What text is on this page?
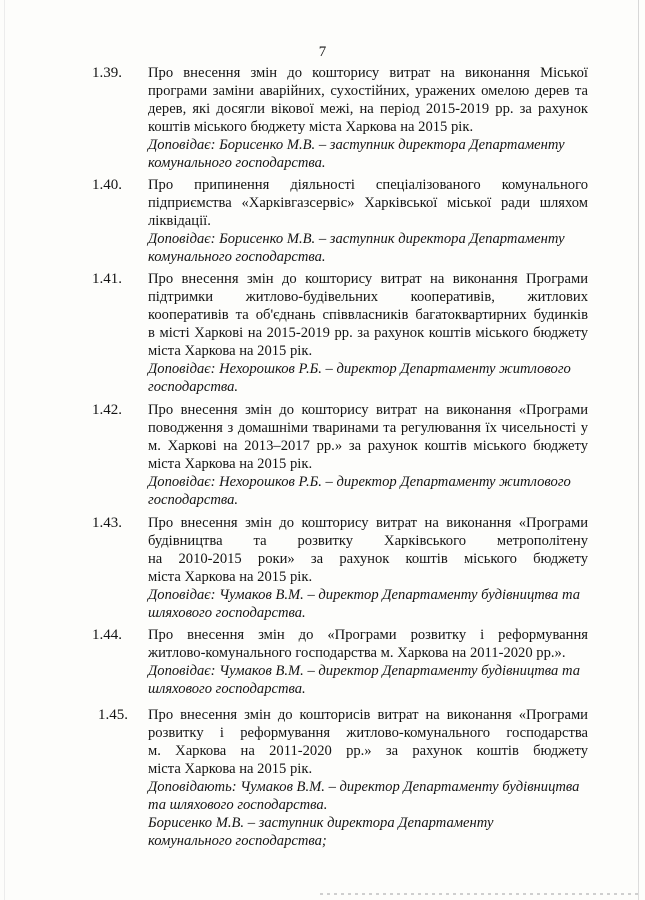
7
1.39. Про внесення змін до кошторису витрат на виконання Міської

програми заміни аварійних, сухостійних, уражених омелою дерев та

дерев, які досягли вікової межі, на період 2015-2019 рр. за рахунок

коштів міського бюджету міста Харкова на 2015 рік.

Доповідає: Борисенко М.В. – заступник директора Департаменту

комунального господарства.

1.40. Про припинення діяльності спеціалізованого комунального

підприємства «Харківгазсервіс» Харківської міської ради шляхом

ліквідації.

Доповідає: Борисенко М.В. – заступник директора Департаменту

комунального господарства.

1.41. Про внесення змін до кошторису витрат на виконання Програми

підтримки житлово-будівельних кооперативів, житлових

кооперативів та об'єднань співвласників багатоквартирних будинків

в місті Харкові на 2015-2019 рр. за рахунок коштів міського бюджету

міста Харкова на 2015 рік.

Доповідає: Нехорошков Р.Б. – директор Департаменту житлового

господарства.

1.42. Про внесення змін до кошторису витрат на виконання «Програми

поводження з домашніми тваринами та регулювання їх чисельності у

м. Харкові на 2013–2017 рр.» за рахунок коштів міського бюджету

міста Харкова на 2015 рік.

Доповідає: Нехорошков Р.Б. – директор Департаменту житлового

господарства.

1.43. Про внесення змін до кошторису витрат на виконання «Програми

будівництва та розвитку Харківського метрополітену

на 2010-2015 роки» за рахунок коштів міського бюджету

міста Харкова на 2015 рік.

Доповідає: Чумаков В.М. – директор Департаменту будівництва та

шляхового господарства.

1.44. Про внесення змін до «Програми розвитку і реформування

житлово-комунального господарства м. Харкова на 2011-2020 рр.».

Доповідає: Чумаков В.М. – директор Департаменту будівництва та

шляхового господарства.

1.45. Про внесення змін до кошторисів витрат на виконання «Програми

розвитку і реформування житлово-комунального господарства

м. Харкова на 2011-2020 рр.» за рахунок коштів бюджету

міста Харкова на 2015 рік.

Доповідають: Чумаков В.М. – директор Департаменту будівництва

та шляхового господарства.

Борисенко М.В. – заступник директора Департаменту

комунального господарства;
